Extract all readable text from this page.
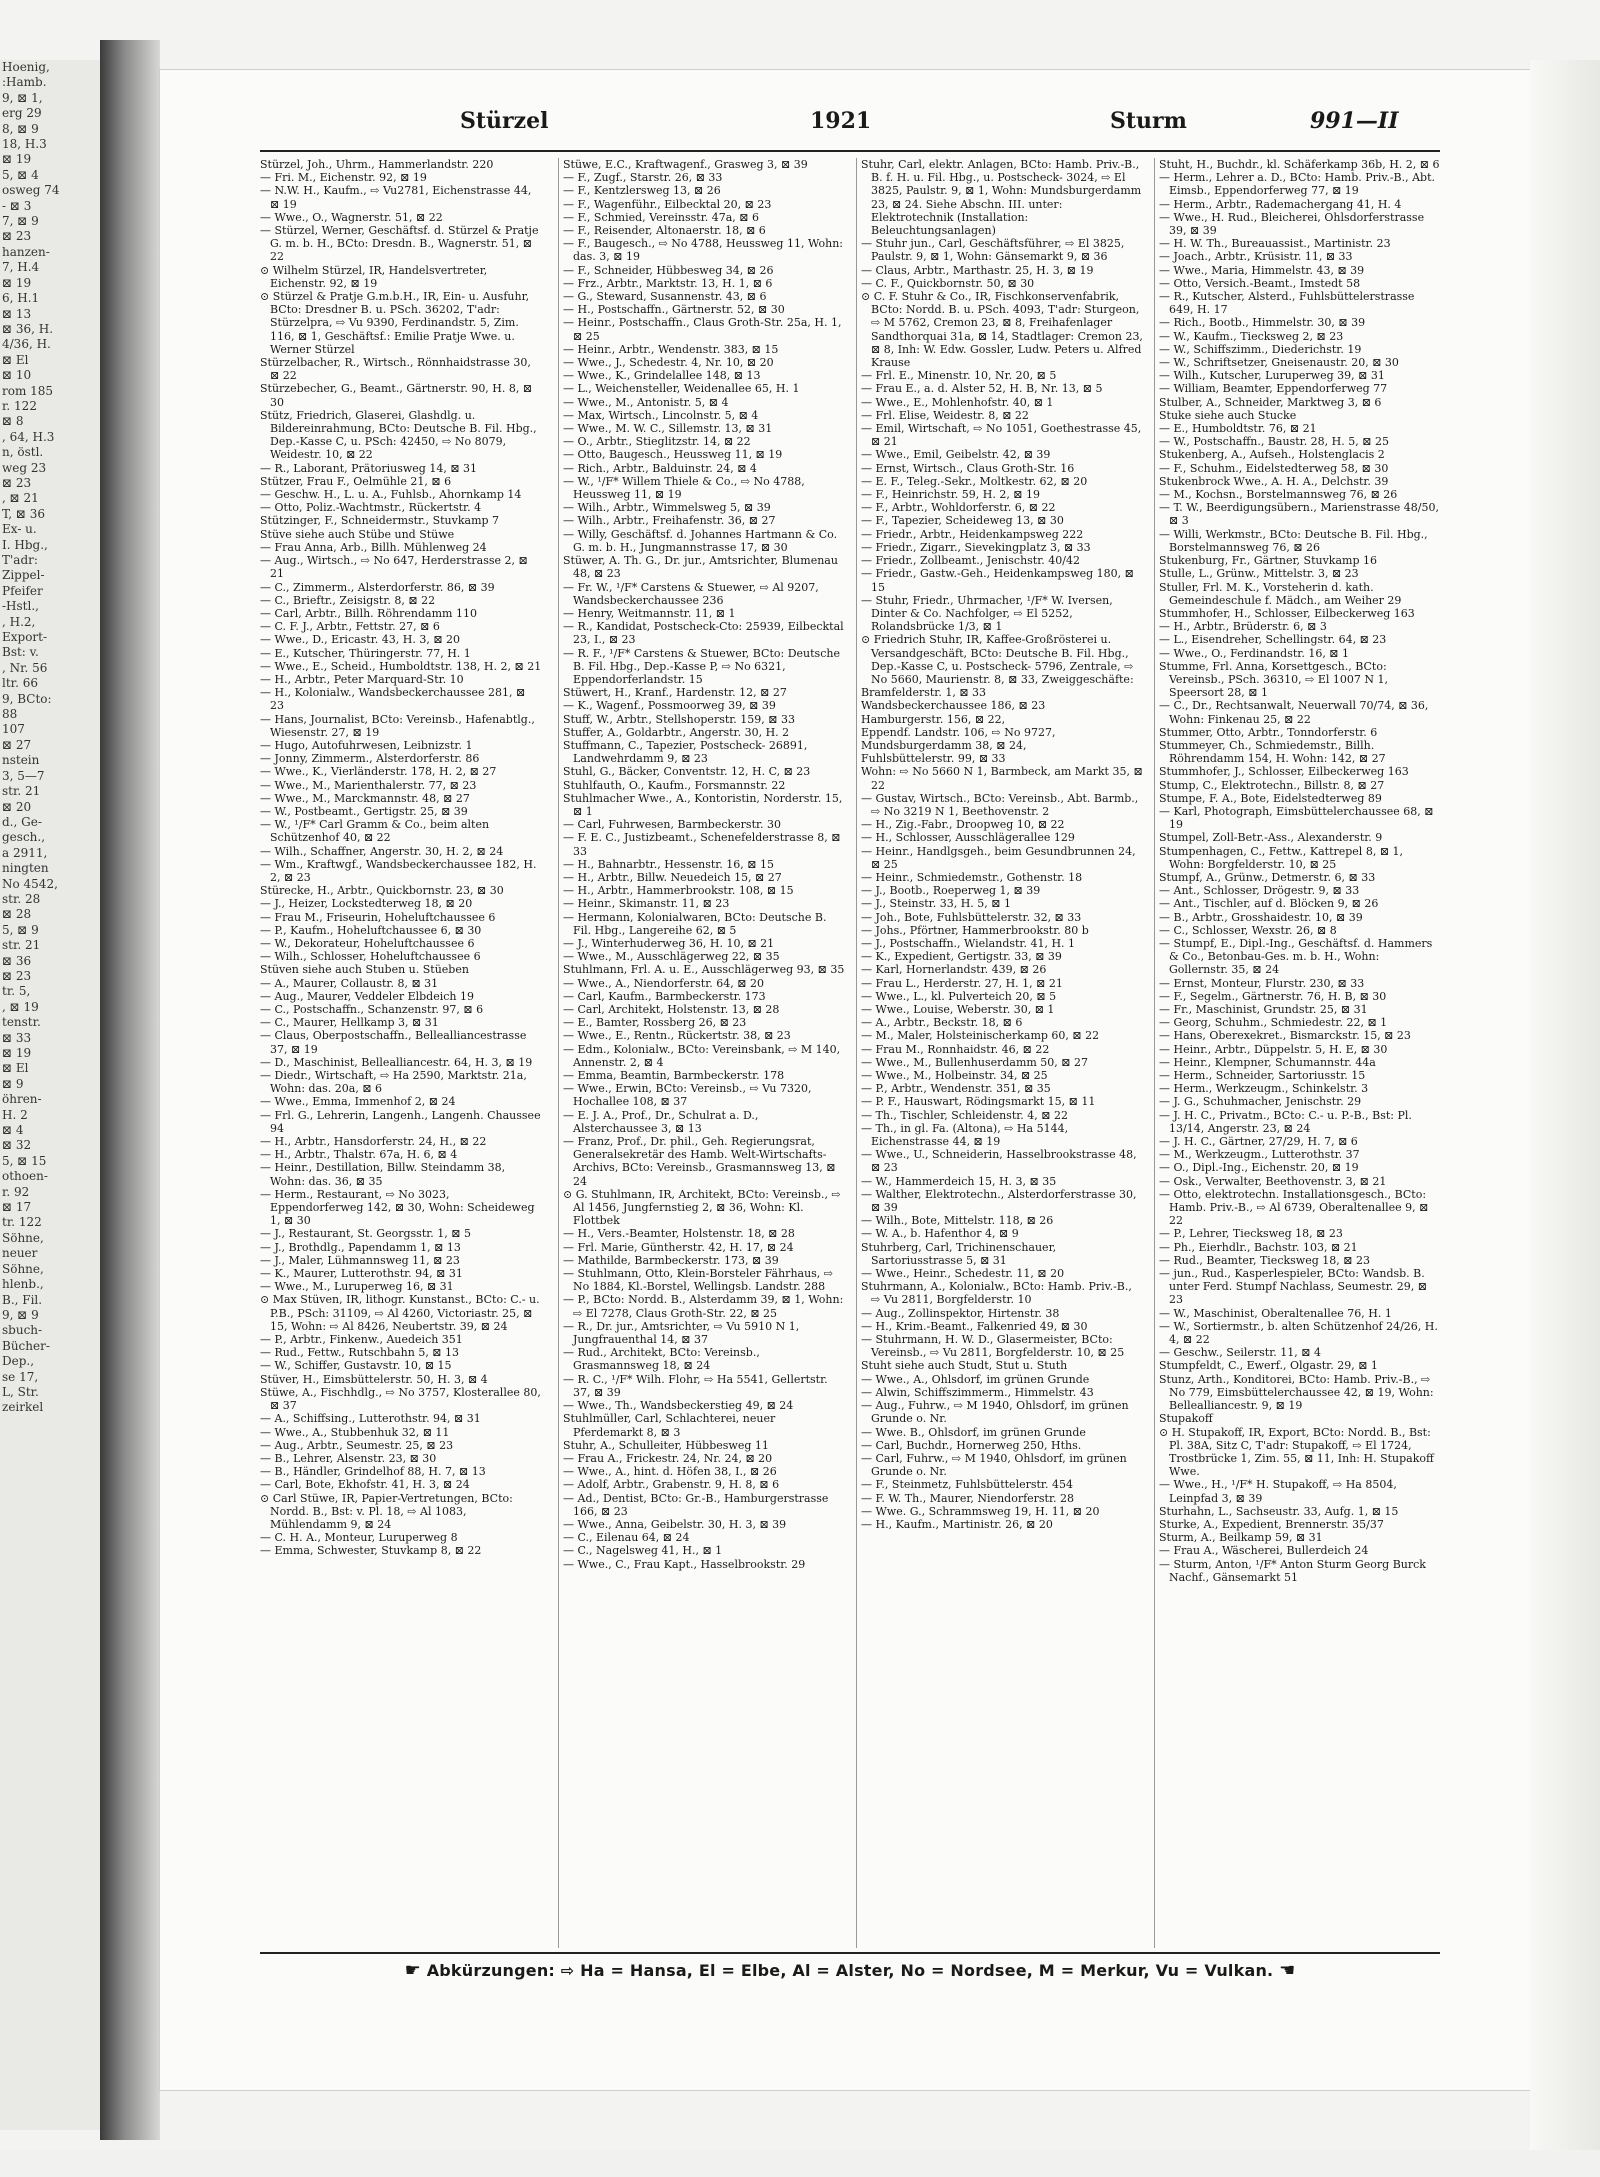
Hoenig,
:Hamb.
9, ⊠ 1,
erg 29
8, ⊠ 9
18, H.3
⊠ 19
5, ⊠ 4
osweg 74
- ⊠ 3
7, ⊠ 9
⊠ 23
hanzen-
7, H.4
⊠ 19
6, H.1
⊠ 13
⊠ 36, H.
4/36, H.
⊠ El
⊠ 10
rom 185
r. 122
⊠ 8
, 64, H.3
n, östl.
weg 23
⊠ 23
, ⊠ 21
T, ⊠ 36
Ex- u.
I. Hbg.,
T'adr:
Zippel-
Pfeifer
-Hstl.,
, H.2,
Export-
Bst: v.
, Nr. 56
ltr. 66
9, BCto:
88
107
⊠ 27
nstein
3, 5—7
str. 21
⊠ 20
d., Ge-
gesch.,
a 2911,
ningten
No 4542,
str. 28
⊠ 28
5, ⊠ 9
str. 21
⊠ 36
⊠ 23
tr. 5,
, ⊠ 19
tenstr.
⊠ 33
⊠ 19
⊠ El
⊠ 9
öhren-
H. 2
⊠ 4
⊠ 32
5, ⊠ 15
othoen-
r. 92
⊠ 17
tr. 122
Söhne,
neuer
Söhne,
hlenb.,
B., Fil.
9, ⊠ 9
sbuch-
Bücher-
Dep.,
se 17,
L, Str.
zeirkel
Stürzel	1921	Sturm	991—II

Stürzel, Joh., Uhrm., Hammerlandstr. 220

— Fri. M., Eichenstr. 92, ⊠ 19

— N.W. H., Kaufm., ⇨ Vu2781, Eichenstrasse 44, ⊠ 19

— Wwe., O., Wagnerstr. 51, ⊠ 22

— Stürzel, Werner, Geschäftsf. d. Stürzel & Pratje G. m. b. H., BCto: Dresdn. B., Wagnerstr. 51, ⊠ 22

⊙ Wilhelm Stürzel, IR, Handelsvertreter, Eichenstr. 92, ⊠ 19

⊙ Stürzel & Pratje G.m.b.H., IR, Ein- u. Ausfuhr, BCto: Dresdner B. u. PSch. 36202, T'adr: Stürzelpra, ⇨ Vu 9390, Ferdinandstr. 5, Zim. 116, ⊠ 1, Geschäftsf.: Emilie Pratje Wwe. u. Werner Stürzel

Stürzelbacher, R., Wirtsch., Rönnhaidstrasse 30, ⊠ 22

Stürzebecher, G., Beamt., Gärtnerstr. 90, H. 8, ⊠ 30

Stütz, Friedrich, Glaserei, Glashdlg. u. Bildereinrahmung, BCto: Deutsche B. Fil. Hbg., Dep.-Kasse C, u. PSch: 42450, ⇨ No 8079, Weidestr. 10, ⊠ 22

— R., Laborant, Prätoriusweg 14, ⊠ 31

Stützer, Frau F., Oelmühle 21, ⊠ 6

— Geschw. H., L. u. A., Fuhlsb., Ahornkamp 14

— Otto, Poliz.-Wachtmstr., Rückertstr. 4

Stützinger, F., Schneidermstr., Stuvkamp 7

Stüve siehe auch Stübe und Stüwe

— Frau Anna, Arb., Billh. Mühlenweg 24

— Aug., Wirtsch., ⇨ No 647, Herderstrasse 2, ⊠ 21

— C., Zimmerm., Alsterdorferstr. 86, ⊠ 39

— C., Brieftr., Zeisigstr. 8, ⊠ 22

— Carl, Arbtr., Billh. Röhrendamm 110

— C. F. J., Arbtr., Fettstr. 27, ⊠ 6

— Wwe., D., Ericastr. 43, H. 3, ⊠ 20

— E., Kutscher, Thüringerstr. 77, H. 1

— Wwe., E., Scheid., Humboldtstr. 138, H. 2, ⊠ 21

— H., Arbtr., Peter Marquard-Str. 10

— H., Kolonialw., Wandsbeckerchaussee 281, ⊠ 23

— Hans, Journalist, BCto: Vereinsb., Hafenabtlg., Wiesenstr. 27, ⊠ 19

— Hugo, Autofuhrwesen, Leibnizstr. 1

— Jonny, Zimmerm., Alsterdorferstr. 86

— Wwe., K., Vierländerstr. 178, H. 2, ⊠ 27

— Wwe., M., Marienthalerstr. 77, ⊠ 23

— Wwe., M., Marckmannstr. 48, ⊠ 27

— W., Postbeamt., Gertigstr. 25, ⊠ 39

— W., ¹/F* Carl Gramm & Co., beim alten Schützenhof 40, ⊠ 22

— Wilh., Schaffner, Angerstr. 30, H. 2, ⊠ 24

— Wm., Kraftwgf., Wandsbeckerchaussee 182, H. 2, ⊠ 23

Stürecke, H., Arbtr., Quickbornstr. 23, ⊠ 30

— J., Heizer, Lockstedterweg 18, ⊠ 20

— Frau M., Friseurin, Hoheluftchaussee 6

— P., Kaufm., Hoheluftchaussee 6, ⊠ 30

— W., Dekorateur, Hoheluftchaussee 6

— Wilh., Schlosser, Hoheluftchaussee 6

Stüven siehe auch Stuben u. Stüeben

— A., Maurer, Collaustr. 8, ⊠ 31

— Aug., Maurer, Veddeler Elbdeich 19

— C., Postschaffn., Schanzenstr. 97, ⊠ 6

— C., Maurer, Hellkamp 3, ⊠ 31

— Claus, Oberpostschaffn., Bellealliancestrasse 37, ⊠ 19

— D., Maschinist, Bellealliancestr. 64, H. 3, ⊠ 19

— Diedr., Wirtschaft, ⇨ Ha 2590, Marktstr. 21a, Wohn: das. 20a, ⊠ 6

— Wwe., Emma, Immenhof 2, ⊠ 24

— Frl. G., Lehrerin, Langenh., Langenh. Chaussee 94

— H., Arbtr., Hansdorferstr. 24, H., ⊠ 22

— H., Arbtr., Thalstr. 67a, H. 6, ⊠ 4

— Heinr., Destillation, Billw. Steindamm 38, Wohn: das. 36, ⊠ 35

— Herm., Restaurant, ⇨ No 3023, Eppendorferweg 142, ⊠ 30, Wohn: Scheideweg 1, ⊠ 30

— J., Restaurant, St. Georgsstr. 1, ⊠ 5

— J., Brothdlg., Papendamm 1, ⊠ 13

— J., Maler, Lühmannsweg 11, ⊠ 23

— K., Maurer, Lutterothstr. 94, ⊠ 31

— Wwe., M., Luruperweg 16, ⊠ 31

⊙ Max Stüven, IR, lithogr. Kunstanst., BCto: C.- u. P.B., PSch: 31109, ⇨ Al 4260, Victoriastr. 25, ⊠ 15, Wohn: ⇨ Al 8426, Neubertstr. 39, ⊠ 24

— P., Arbtr., Finkenw., Auedeich 351

— Rud., Fettw., Rutschbahn 5, ⊠ 13

— W., Schiffer, Gustavstr. 10, ⊠ 15

Stüver, H., Eimsbüttelerstr. 50, H. 3, ⊠ 4

Stüwe, A., Fischhdlg., ⇨ No 3757, Klosterallee 80, ⊠ 37

— A., Schiffsing., Lutterothstr. 94, ⊠ 31

— Wwe., A., Stubbenhuk 32, ⊠ 11

— Aug., Arbtr., Seumestr. 25, ⊠ 23

— B., Lehrer, Alsenstr. 23, ⊠ 30

— B., Händler, Grindelhof 88, H. 7, ⊠ 13

— Carl, Bote, Ekhofstr. 41, H. 3, ⊠ 24

⊙ Carl Stüwe, IR, Papier-Vertretungen, BCto: Nordd. B., Bst: v. Pl. 18, ⇨ Al 1083, Mühlendamm 9, ⊠ 24

— C. H. A., Monteur, Luruperweg 8

— Emma, Schwester, Stuvkamp 8, ⊠ 22

Stüwe, E.C., Kraftwagenf., Grasweg 3, ⊠ 39

— F., Zugf., Starstr. 26, ⊠ 33

— F., Kentzlersweg 13, ⊠ 26

— F., Wagenführ., Eilbecktal 20, ⊠ 23

— F., Schmied, Vereinsstr. 47a, ⊠ 6

— F., Reisender, Altonaerstr. 18, ⊠ 6

— F., Baugesch., ⇨ No 4788, Heussweg 11, Wohn: das. 3, ⊠ 19

— F., Schneider, Hübbesweg 34, ⊠ 26

— Frz., Arbtr., Marktstr. 13, H. 1, ⊠ 6

— G., Steward, Susannenstr. 43, ⊠ 6

— H., Postschaffn., Gärtnerstr. 52, ⊠ 30

— Heinr., Postschaffn., Claus Groth-Str. 25a, H. 1, ⊠ 25

— Heinr., Arbtr., Wendenstr. 383, ⊠ 15

— Wwe., J., Schedestr. 4, Nr. 10, ⊠ 20

— Wwe., K., Grindelallee 148, ⊠ 13

— L., Weichensteller, Weidenallee 65, H. 1

— Wwe., M., Antonistr. 5, ⊠ 4

— Max, Wirtsch., Lincolnstr. 5, ⊠ 4

— Wwe., M. W. C., Sillemstr. 13, ⊠ 31

— O., Arbtr., Stieglitzstr. 14, ⊠ 22

— Otto, Baugesch., Heussweg 11, ⊠ 19

— Rich., Arbtr., Balduinstr. 24, ⊠ 4

— W., ¹/F* Willem Thiele & Co., ⇨ No 4788, Heussweg 11, ⊠ 19

— Wilh., Arbtr., Wimmelsweg 5, ⊠ 39

— Wilh., Arbtr., Freihafenstr. 36, ⊠ 27

— Willy, Geschäftsf. d. Johannes Hartmann & Co. G. m. b. H., Jungmannstrasse 17, ⊠ 30

Stüwer, A. Th. G., Dr. jur., Amtsrichter, Blumenau 48, ⊠ 23

— Fr. W., ¹/F* Carstens & Stuewer, ⇨ Al 9207, Wandsbeckerchaussee 236

— Henry, Weitmannstr. 11, ⊠ 1

— R., Kandidat, Postscheck-Cto: 25939, Eilbecktal 23, I., ⊠ 23

— R. F., ¹/F* Carstens & Stuewer, BCto: Deutsche B. Fil. Hbg., Dep.-Kasse P, ⇨ No 6321, Eppendorferlandstr. 15

Stüwert, H., Kranf., Hardenstr. 12, ⊠ 27

— K., Wagenf., Possmoorweg 39, ⊠ 39

Stuff, W., Arbtr., Stellshoperstr. 159, ⊠ 33

Stuffer, A., Goldarbtr., Angerstr. 30, H. 2

Stuffmann, C., Tapezier, Postscheck- 26891, Landwehrdamm 9, ⊠ 23

Stuhl, G., Bäcker, Conventstr. 12, H. C, ⊠ 23

Stuhlfauth, O., Kaufm., Forsmannstr. 22

Stuhlmacher Wwe., A., Kontoristin, Norderstr. 15, ⊠ 1

— Carl, Fuhrwesen, Barmbeckerstr. 30

— F. E. C., Justizbeamt., Schenefelderstrasse 8, ⊠ 33

— H., Bahnarbtr., Hessenstr. 16, ⊠ 15

— H., Arbtr., Billw. Neuedeich 15, ⊠ 27

— H., Arbtr., Hammerbrookstr. 108, ⊠ 15

— Heinr., Skimanstr. 11, ⊠ 23

— Hermann, Kolonialwaren, BCto: Deutsche B. Fil. Hbg., Langereihe 62, ⊠ 5

— J., Winterhuderweg 36, H. 10, ⊠ 21

— Wwe., M., Ausschlägerweg 22, ⊠ 35

Stuhlmann, Frl. A. u. E., Ausschlägerweg 93, ⊠ 35

— Wwe., A., Niendorferstr. 64, ⊠ 20

— Carl, Kaufm., Barmbeckerstr. 173

— Carl, Architekt, Holstenstr. 13, ⊠ 28

— E., Bamter, Rossberg 26, ⊠ 23

— Wwe., E., Rentn., Rückertstr. 38, ⊠ 23

— Edm., Kolonialw., BCto: Vereinsbank, ⇨ M 140, Annenstr. 2, ⊠ 4

— Emma, Beamtin, Barmbeckerstr. 178

— Wwe., Erwin, BCto: Vereinsb., ⇨ Vu 7320, Hochallee 108, ⊠ 37

— E. J. A., Prof., Dr., Schulrat a. D., Alsterchaussee 3, ⊠ 13

— Franz, Prof., Dr. phil., Geh. Regierungsrat, Generalsekretär des Hamb. Welt-Wirtschafts-Archivs, BCto: Vereinsb., Grasmannsweg 13, ⊠ 24

⊙ G. Stuhlmann, IR, Architekt, BCto: Vereinsb., ⇨ Al 1456, Jungfernstieg 2, ⊠ 36, Wohn: Kl. Flottbek

— H., Vers.-Beamter, Holstenstr. 18, ⊠ 28

— Frl. Marie, Güntherstr. 42, H. 17, ⊠ 24

— Mathilde, Barmbeckerstr. 173, ⊠ 39

— Stuhlmann, Otto, Klein-Borsteler Fährhaus, ⇨ No 1884, Kl.-Borstel, Wellingsb. Landstr. 288

— P., BCto: Nordd. B., Alsterdamm 39, ⊠ 1, Wohn: ⇨ El 7278, Claus Groth-Str. 22, ⊠ 25

— R., Dr. jur., Amtsrichter, ⇨ Vu 5910 N 1, Jungfrauenthal 14, ⊠ 37

— Rud., Architekt, BCto: Vereinsb., Grasmannsweg 18, ⊠ 24

— R. C., ¹/F* Wilh. Flohr, ⇨ Ha 5541, Gellertstr. 37, ⊠ 39

— Wwe., Th., Wandsbeckerstieg 49, ⊠ 24

Stuhlmüller, Carl, Schlachterei, neuer Pferdemarkt 8, ⊠ 3

Stuhr, A., Schulleiter, Hübbesweg 11

— Frau A., Frickestr. 24, Nr. 24, ⊠ 20

— Wwe., A., hint. d. Höfen 38, I., ⊠ 26

— Adolf, Arbtr., Grabenstr. 9, H. 8, ⊠ 6

— Ad., Dentist, BCto: Gr.-B., Hamburgerstrasse 166, ⊠ 23

— Wwe., Anna, Geibelstr. 30, H. 3, ⊠ 39

— C., Eilenau 64, ⊠ 24

— C., Nagelsweg 41, H., ⊠ 1

— Wwe., C., Frau Kapt., Hasselbrookstr. 29

Stuhr, Carl, elektr. Anlagen, BCto: Hamb. Priv.-B., B. f. H. u. Fil. Hbg., u. Postscheck- 3024, ⇨ El 3825, Paulstr. 9, ⊠ 1, Wohn: Mundsburgerdamm 23, ⊠ 24. Siehe Abschn. III. unter: Elektrotechnik (Installation: Beleuchtungsanlagen)

— Stuhr jun., Carl, Geschäftsführer, ⇨ El 3825, Paulstr. 9, ⊠ 1, Wohn: Gänsemarkt 9, ⊠ 36

— Claus, Arbtr., Marthastr. 25, H. 3, ⊠ 19

— C. F., Quickbornstr. 50, ⊠ 30

⊙ C. F. Stuhr & Co., IR, Fischkonservenfabrik, BCto: Nordd. B. u. PSch. 4093, T'adr: Sturgeon, ⇨ M 5762, Cremon 23, ⊠ 8, Freihafenlager Sandthorquai 31a, ⊠ 14, Stadtlager: Cremon 23, ⊠ 8, Inh: W. Edw. Gossler, Ludw. Peters u. Alfred Krause

— Frl. E., Minenstr. 10, Nr. 20, ⊠ 5

— Frau E., a. d. Alster 52, H. B, Nr. 13, ⊠ 5

— Wwe., E., Mohlenhofstr. 40, ⊠ 1

— Frl. Elise, Weidestr. 8, ⊠ 22

— Emil, Wirtschaft, ⇨ No 1051, Goethestrasse 45, ⊠ 21

— Wwe., Emil, Geibelstr. 42, ⊠ 39

— Ernst, Wirtsch., Claus Groth-Str. 16

— E. F., Teleg.-Sekr., Moltkestr. 62, ⊠ 20

— F., Heinrichstr. 59, H. 2, ⊠ 19

— F., Arbtr., Wohldorferstr. 6, ⊠ 22

— F., Tapezier, Scheideweg 13, ⊠ 30

— Friedr., Arbtr., Heidenkampsweg 222

— Friedr., Zigarr., Sievekingplatz 3, ⊠ 33

— Friedr., Zollbeamt., Jenischstr. 40/42

— Friedr., Gastw.-Geh., Heidenkampsweg 180, ⊠ 15

— Stuhr, Friedr., Uhrmacher, ¹/F* W. Iversen, Dinter & Co. Nachfolger, ⇨ El 5252, Rolandsbrücke 1/3, ⊠ 1

⊙ Friedrich Stuhr, IR, Kaffee-Großrösterei u. Versandgeschäft, BCto: Deutsche B. Fil. Hbg., Dep.-Kasse C, u. Postscheck- 5796, Zentrale, ⇨ No 5660, Maurienstr. 8, ⊠ 33, Zweiggeschäfte:

Bramfelderstr. 1, ⊠ 33

Wandsbeckerchaussee 186, ⊠ 23

Hamburgerstr. 156, ⊠ 22,

Eppendf. Landstr. 106, ⇨ No 9727,

Mundsburgerdamm 38, ⊠ 24,

Fuhlsbüttelerstr. 99, ⊠ 33

Wohn: ⇨ No 5660 N 1, Barmbeck, am Markt 35, ⊠ 22

— Gustav, Wirtsch., BCto: Vereinsb., Abt. Barmb., ⇨ No 3219 N 1, Beethovenstr. 2

— H., Zig.-Fabr., Droopweg 10, ⊠ 22

— H., Schlosser, Ausschlägerallee 129

— Heinr., Handlgsgeh., beim Gesundbrunnen 24, ⊠ 25

— Heinr., Schmiedemstr., Gothenstr. 18

— J., Bootb., Roeperweg 1, ⊠ 39

— J., Steinstr. 33, H. 5, ⊠ 1

— Joh., Bote, Fuhlsbüttelerstr. 32, ⊠ 33

— Johs., Pförtner, Hammerbrookstr. 80 b

— J., Postschaffn., Wielandstr. 41, H. 1

— K., Expedient, Gertigstr. 33, ⊠ 39

— Karl, Hornerlandstr. 439, ⊠ 26

— Frau L., Herderstr. 27, H. 1, ⊠ 21

— Wwe., L., kl. Pulverteich 20, ⊠ 5

— Wwe., Louise, Weberstr. 30, ⊠ 1

— A., Arbtr., Beckstr. 18, ⊠ 6

— M., Maler, Holsteinischerkamp 60, ⊠ 22

— Frau M., Ronnhaidstr. 46, ⊠ 22

— Wwe., M., Bullenhuserdamm 50, ⊠ 27

— Wwe., M., Holbeinstr. 34, ⊠ 25

— P., Arbtr., Wendenstr. 351, ⊠ 35

— P. F., Hauswart, Rödingsmarkt 15, ⊠ 11

— Th., Tischler, Schleidenstr. 4, ⊠ 22

— Th., in gl. Fa. (Altona), ⇨ Ha 5144, Eichenstrasse 44, ⊠ 19

— Wwe., U., Schneiderin, Hasselbrookstrasse 48, ⊠ 23

— W., Hammerdeich 15, H. 3, ⊠ 35

— Walther, Elektrotechn., Alsterdorferstrasse 30, ⊠ 39

— Wilh., Bote, Mittelstr. 118, ⊠ 26

— W. A., b. Hafenthor 4, ⊠ 9

Stuhrberg, Carl, Trichinenschauer, Sartoriusstrasse 5, ⊠ 31

— Wwe., Heinr., Schedestr. 11, ⊠ 20

Stuhrmann, A., Kolonialw., BCto: Hamb. Priv.-B., ⇨ Vu 2811, Borgfelderstr. 10

— Aug., Zollinspektor, Hirtenstr. 38

— H., Krim.-Beamt., Falkenried 49, ⊠ 30

— Stuhrmann, H. W. D., Glasermeister, BCto: Vereinsb., ⇨ Vu 2811, Borgfelderstr. 10, ⊠ 25

Stuht siehe auch Studt, Stut u. Stuth

— Wwe., A., Ohlsdorf, im grünen Grunde

— Alwin, Schiffszimmerm., Himmelstr. 43

— Aug., Fuhrw., ⇨ M 1940, Ohlsdorf, im grünen Grunde o. Nr.

— Wwe. B., Ohlsdorf, im grünen Grunde

— Carl, Buchdr., Hornerweg 250, Hths.

— Carl, Fuhrw., ⇨ M 1940, Ohlsdorf, im grünen Grunde o. Nr.

— F., Steinmetz, Fuhlsbüttelerstr. 454

— F. W. Th., Maurer, Niendorferstr. 28

— Wwe. G., Schrammsweg 19, H. 11, ⊠ 20

— H., Kaufm., Martinistr. 26, ⊠ 20

Stuht, H., Buchdr., kl. Schäferkamp 36b, H. 2, ⊠ 6

— Herm., Lehrer a. D., BCto: Hamb. Priv.-B., Abt. Eimsb., Eppendorferweg 77, ⊠ 19

— Herm., Arbtr., Rademachergang 41, H. 4

— Wwe., H. Rud., Bleicherei, Ohlsdorferstrasse 39, ⊠ 39

— H. W. Th., Bureauassist., Martinistr. 23

— Joach., Arbtr., Krüsistr. 11, ⊠ 33

— Wwe., Maria, Himmelstr. 43, ⊠ 39

— Otto, Versich.-Beamt., Imstedt 58

— R., Kutscher, Alsterd., Fuhlsbüttelerstrasse 649, H. 17

— Rich., Bootb., Himmelstr. 30, ⊠ 39

— W., Kaufm., Tiecksweg 2, ⊠ 23

— W., Schiffszimm., Diederichstr. 19

— W., Schriftsetzer, Gneisenaustr. 20, ⊠ 30

— Wilh., Kutscher, Luruperweg 39, ⊠ 31

— William, Beamter, Eppendorferweg 77

Stulber, A., Schneider, Marktweg 3, ⊠ 6

Stuke siehe auch Stucke

— E., Humboldtstr. 76, ⊠ 21

— W., Postschaffn., Baustr. 28, H. 5, ⊠ 25

Stukenberg, A., Aufseh., Holstenglacis 2

— F., Schuhm., Eidelstedterweg 58, ⊠ 30

Stukenbrock Wwe., A. H. A., Delchstr. 39

— M., Kochsn., Borstelmannsweg 76, ⊠ 26

— T. W., Beerdigungsübern., Marienstrasse 48/50, ⊠ 3

— Willi, Werkmstr., BCto: Deutsche B. Fil. Hbg., Borstelmannsweg 76, ⊠ 26

Stukenburg, Fr., Gärtner, Stuvkamp 16

Stulle, L., Grünw., Mittelstr. 3, ⊠ 23

Stuller, Frl. M. K., Vorsteherin d. kath. Gemeindeschule f. Mädch., am Weiher 29

Stummhofer, H., Schlosser, Eilbeckerweg 163

— H., Arbtr., Brüderstr. 6, ⊠ 3

— L., Eisendreher, Schellingstr. 64, ⊠ 23

— Wwe., O., Ferdinandstr. 16, ⊠ 1

Stumme, Frl. Anna, Korsettgesch., BCto: Vereinsb., PSch. 36310, ⇨ El 1007 N 1, Speersort 28, ⊠ 1

— C., Dr., Rechtsanwalt, Neuerwall 70/74, ⊠ 36, Wohn: Finkenau 25, ⊠ 22

Stummer, Otto, Arbtr., Tonndorferstr. 6

Stummeyer, Ch., Schmiedemstr., Billh. Röhrendamm 154, H. Wohn: 142, ⊠ 27

Stummhofer, J., Schlosser, Eilbeckerweg 163

Stump, C., Elektrotechn., Billstr. 8, ⊠ 27

Stumpe, F. A., Bote, Eidelstedterweg 89

— Karl, Photograph, Eimsbüttelerchaussee 68, ⊠ 19

Stumpel, Zoll-Betr.-Ass., Alexanderstr. 9

Stumpenhagen, C., Fettw., Kattrepel 8, ⊠ 1, Wohn: Borgfelderstr. 10, ⊠ 25

Stumpf, A., Grünw., Detmerstr. 6, ⊠ 33

— Ant., Schlosser, Drögestr. 9, ⊠ 33

— Ant., Tischler, auf d. Blöcken 9, ⊠ 26

— B., Arbtr., Grosshaidestr. 10, ⊠ 39

— C., Schlosser, Wexstr. 26, ⊠ 8

— Stumpf, E., Dipl.-Ing., Geschäftsf. d. Hammers & Co., Betonbau-Ges. m. b. H., Wohn: Gollernstr. 35, ⊠ 24

— Ernst, Monteur, Flurstr. 230, ⊠ 33

— F., Segelm., Gärtnerstr. 76, H. B, ⊠ 30

— Fr., Maschinist, Grundstr. 25, ⊠ 31

— Georg, Schuhm., Schmiedestr. 22, ⊠ 1

— Hans, Oberexekret., Bismarckstr. 15, ⊠ 23

— Heinr., Arbtr., Düppelstr. 5, H. E, ⊠ 30

— Heinr., Klempner, Schumannstr. 44a

— Herm., Schneider, Sartoriusstr. 15

— Herm., Werkzeugm., Schinkelstr. 3

— J. G., Schuhmacher, Jenischstr. 29

— J. H. C., Privatm., BCto: C.- u. P.-B., Bst: Pl. 13/14, Angerstr. 23, ⊠ 24

— J. H. C., Gärtner, 27/29, H. 7, ⊠ 6

— M., Werkzeugm., Lutterothstr. 37

— O., Dipl.-Ing., Eichenstr. 20, ⊠ 19

— Osk., Verwalter, Beethovenstr. 3, ⊠ 21

— Otto, elektrotechn. Installationsgesch., BCto: Hamb. Priv.-B., ⇨ Al 6739, Oberaltenallee 9, ⊠ 22

— P., Lehrer, Tiecksweg 18, ⊠ 23

— Ph., Eierhdlr., Bachstr. 103, ⊠ 21

— Rud., Beamter, Tiecksweg 18, ⊠ 23

— jun., Rud., Kasperlespieler, BCto: Wandsb. B. unter Ferd. Stumpf Nachlass, Seumestr. 29, ⊠ 23

— W., Maschinist, Oberaltenallee 76, H. 1

— W., Sortiermstr., b. alten Schützenhof 24/26, H. 4, ⊠ 22

— Geschw., Seilerstr. 11, ⊠ 4

Stumpfeldt, C., Ewerf., Olgastr. 29, ⊠ 1

Stunz, Arth., Konditorei, BCto: Hamb. Priv.-B., ⇨ No 779, Eimsbüttelerchaussee 42, ⊠ 19, Wohn: Bellealliancestr. 9, ⊠ 19

Stupakoff

⊙ H. Stupakoff, IR, Export, BCto: Nordd. B., Bst: Pl. 38A, Sitz C, T'adr: Stupakoff, ⇨ El 1724, Trostbrücke 1, Zim. 55, ⊠ 11, Inh: H. Stupakoff Wwe.

— Wwe., H., ¹/F* H. Stupakoff, ⇨ Ha 8504, Leinpfad 3, ⊠ 39

Sturhahn, L., Sachseustr. 33, Aufg. 1, ⊠ 15

Sturke, A., Expedient, Brennerstr. 35/37

Sturm, A., Beilkamp 59, ⊠ 31

— Frau A., Wäscherei, Bullerdeich 24

— Sturm, Anton, ¹/F* Anton Sturm Georg Burck Nachf., Gänsemarkt 51

☛ Abkürzungen: ⇨ Ha = Hansa, El = Elbe, Al = Alster, No = Nordsee, M = Merkur, Vu = Vulkan. ☚
